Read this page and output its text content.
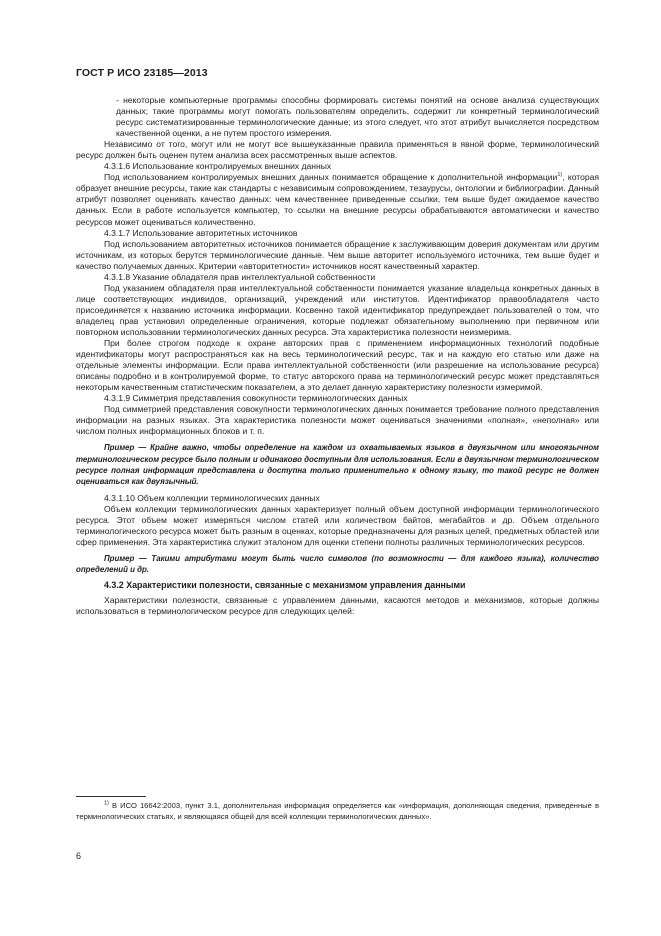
ГОСТ Р ИСО 23185—2013

- некоторые компьютерные программы способны формировать системы понятий на основе анализа существующих данных; такие программы могут помогать пользователям определить, содержит ли конкретный терминологический ресурс систематизированные терминологические данные; из этого следует, что этот атрибут вычисляется посредством качественной оценки, а не путем простого измерения.

Независимо от того, могут или не могут все вышеуказанные правила применяться в явной форме, терминологический ресурс должен быть оценен путем анализа всех рассмотренных выше аспектов.

4.3.1.6 Использование контролируемых внешних данных

Под использованием контролируемых внешних данных понимается обращение к дополнительной информации$^{1)}$, которая образует внешние ресурсы, такие как стандарты с независимым сопровождением, тезаурусы, онтологии и библиографии. Данный атрибут позволяет оценивать качество данных: чем качественнее приведенные ссылки, тем выше будет ожидаемое качество данных. Если в работе используется компьютер, то ссылки на внешние ресурсы обрабатываются автоматически и качество ресурсов может оцениваться количественно.

4.3.1.7 Использование авторитетных источников

Под использованием авторитетных источников понимается обращение к заслуживающим доверия документам или другим источникам, из которых берутся терминологические данные. Чем выше авторитет используемого источника, тем выше будет и качество получаемых данных. Критерии «авторитетности» источников носят качественный характер.

4.3.1.8 Указание обладателя прав интеллектуальной собственности

Под указанием обладателя прав интеллектуальной собственности понимается указание владельца конкретных данных в лице соответствующих индивидов, организаций, учреждений или институтов. Идентификатор правообладателя часто присоединяется к названию источника информации. Косвенно такой идентификатор предупреждает пользователей о том, что владелец прав установил определенные ограничения, которые подлежат обязательному выполнению при первичном или повторном использовании терминологических данных ресурса. Эта характеристика полезности неизмерима.

При более строгом подходе к охране авторских прав с применением информационных технологий подобные идентификаторы могут распространяться как на весь терминологический ресурс, так и на каждую его статью или даже на отдельные элементы информации. Если права интеллектуальной собственности (или разрешение на использование ресурса) описаны подробно и в контролируемой форме, то статус авторского права на терминологический ресурс может представляться некоторым качественным статистическим показателем, а это делает данную характеристику полезности измеримой.

4.3.1.9 Симметрия представления совокупности терминологических данных

Под симметрией представления совокупности терминологических данных понимается требование полного представления информации на разных языках. Эта характеристика полезности может оцениваться значениями «полная», «неполная» или числом полных информационных блоков и т. п.

Пример — Крайне важно, чтобы определение на каждом из охватываемых языков в двуязычном или многоязычном терминологическом ресурсе было полным и одинаково доступным для использования. Если в двуязычном терминологическом ресурсе полная информация представлена и доступна только применительно к одному языку, то такой ресурс не должен оцениваться как двуязычный.

4.3.1.10 Объем коллекции терминологических данных

Объем коллекции терминологических данных характеризует полный объем доступной информации терминологического ресурса. Этот объем может измеряться числом статей или количеством байтов, мегабайтов и др. Объем отдельного терминологического ресурса может быть разным в оценках, которые предназначены для разных целей, предметных областей или сфер применения. Эта характеристика служит эталоном для оценки степени полноты различных терминологических ресурсов.

Пример — Такими атрибутами могут быть число символов (по возможности — для каждого языка), количество определений и др.

4.3.2 Характеристики полезности, связанные с механизмом управления данными

Характеристики полезности, связанные с управлением данными, касаются методов и механизмов, которые должны использоваться в терминологическом ресурсе для следующих целей:

$^{1)}$ В ИСО 16642:2003, пункт 3.1, дополнительная информация определяется как «информация, дополняющая сведения, приведенные в терминологических статьях, и являющаяся общей для всей коллекции терминологических данных».
6
